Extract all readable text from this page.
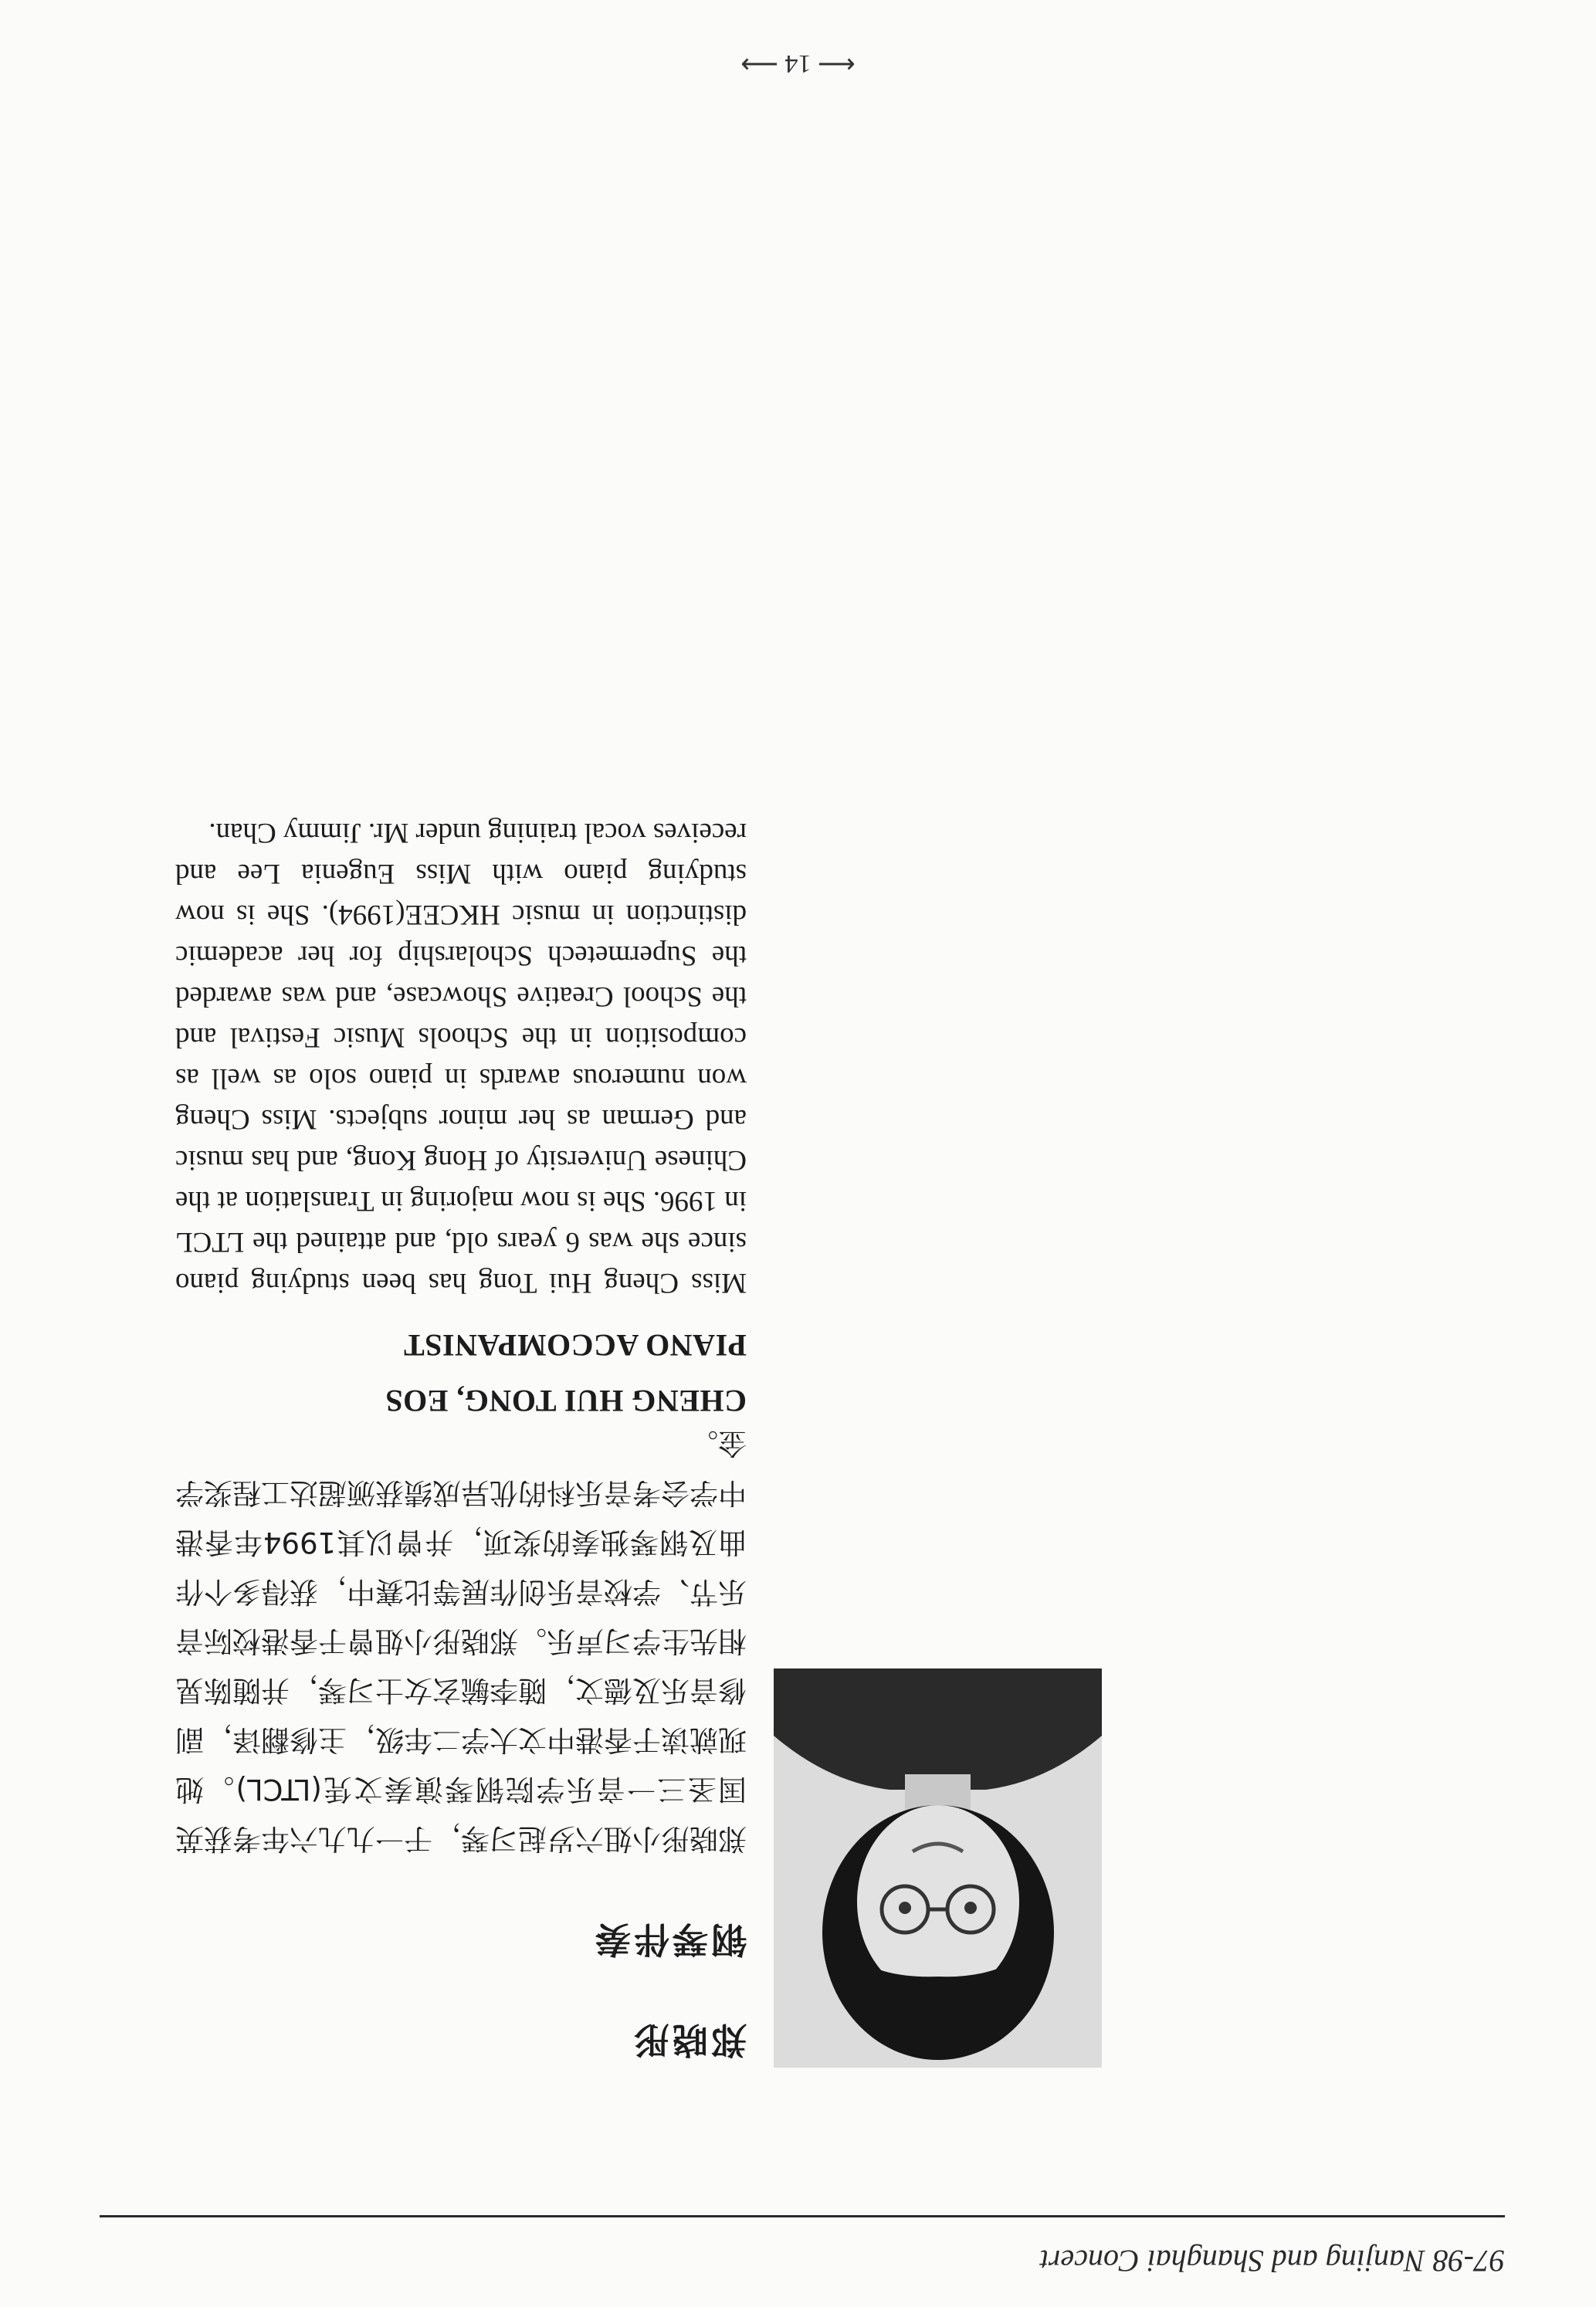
97-98 Nanjing and Shanghai Concert
郑晓彤
钢琴伴奏
郑晓彤小姐六岁起习琴，于一九九六年考获英国圣三一音乐学院钢琴演奏文凭(LTCL)。她现就读于香港中文大学二年级，主修翻译，副修音乐及德文，随李毓玄女士习琴，并随陈晃相先生学习声乐。郑晓彤小姐曾于香港校际音乐节、学校音乐创作展等比赛中，获得多个作曲及钢琴独奏的奖项，并曾以其1994年香港中学会考音乐科的优异成绩获颁超达工程奖学金。
CHENG HUI TONG, EOS
PIANO ACCOMPANIST
Miss Cheng Hui Tong has been studying piano since she was 6 years old, and attained the LTCL in 1996. She is now majoring in Translation at the Chinese University of Hong Kong, and has music and German as her minor subjects. Miss Cheng won numerous awards in piano solo as well as composition in the Schools Music Festival and the School Creative Showcase, and was awarded the Supermetech Scholarship for her academic distinction in music HKCEE(1994). She is now studying piano with Miss Eugenia Lee and receives vocal training under Mr. Jimmy Chan.
⟵ 14 ⟶
